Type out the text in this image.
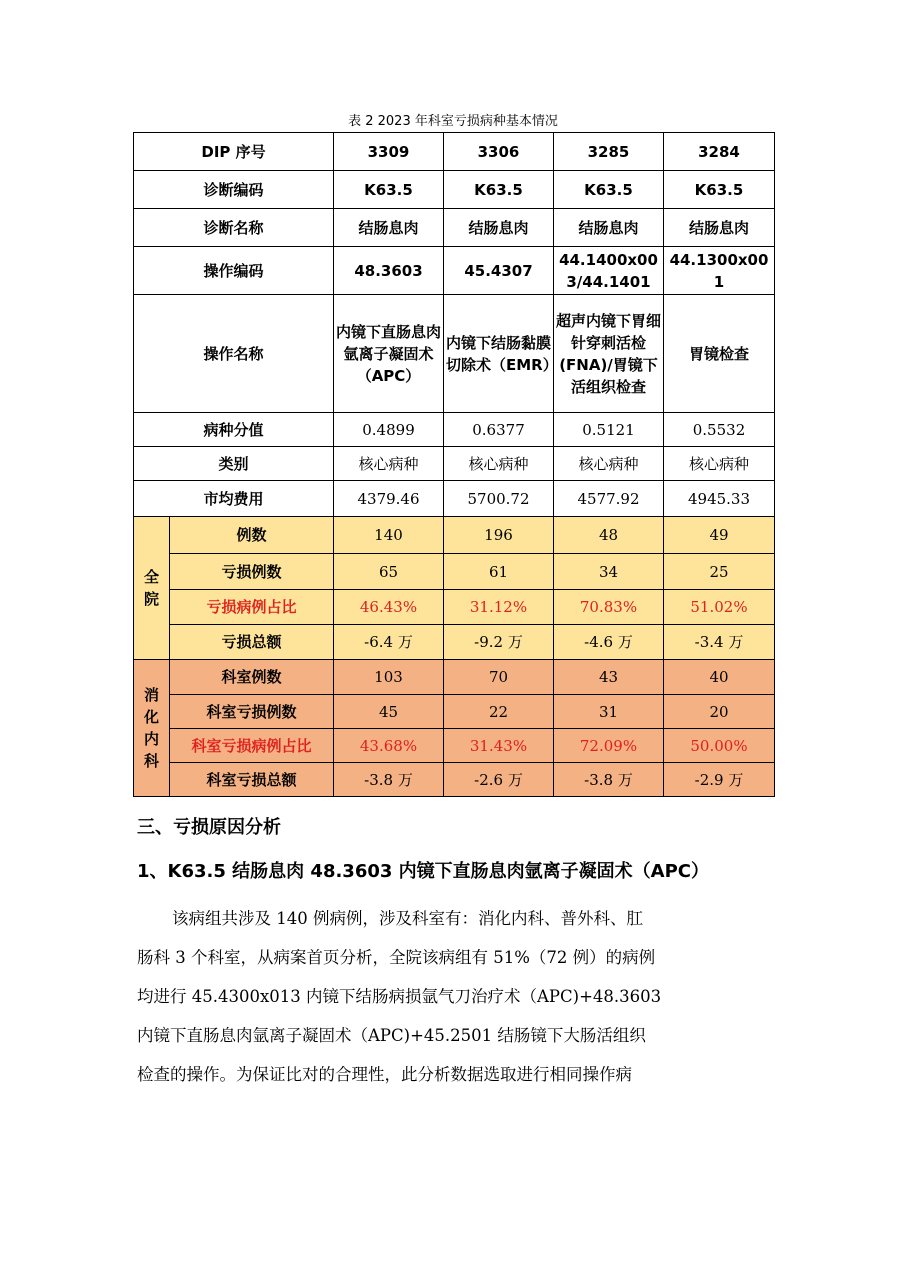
表 2 2023 年科室亏损病种基本情况
DIP 序号		3309	3306	3285	3284
诊断编码		K63.5	K63.5	K63.5	K63.5
诊断名称		结肠息肉	结肠息肉	结肠息肉	结肠息肉
操作编码		48.3603	45.4307	44.1400x003/44.1401	44.1300x001
操作名称		内镜下直肠息肉氩离子凝固术（APC）	内镜下结肠黏膜切除术（EMR）	超声内镜下胃细针穿刺活检(FNA)/胃镜下活组织检查	胃镜检查
病种分值		0.4899	0.6377	0.5121	0.5532
类别		核心病种	核心病种	核心病种	核心病种
市均费用		4379.46	5700.72	4577.92	4945.33
全
院	例数	140	196	48	49
	亏损例数	65	61	34	25
	亏损病例占比	46.43%	31.12%	70.83%	51.02%
	亏损总额	-6.4 万	-9.2 万	-4.6 万	-3.4 万
消
化
内
科	科室例数	103	70	43	40
	科室亏损例数	45	22	31	20
	科室亏损病例占比	43.68%	31.43%	72.09%	50.00%
	科室亏损总额	-3.8 万	-2.6 万	-3.8 万	-2.9 万
三、亏损原因分析
1、K63.5 结肠息肉 48.3603 内镜下直肠息肉氩离子凝固术（APC）
该病组共涉及 140 例病例，涉及科室有：消化内科、普外科、肛
肠科 3 个科室，从病案首页分析，全院该病组有 51%（72 例）的病例
均进行 45.4300x013 内镜下结肠病损氩气刀治疗术（APC)+48.3603
内镜下直肠息肉氩离子凝固术（APC)+45.2501 结肠镜下大肠活组织
检查的操作。为保证比对的合理性，此分析数据选取进行相同操作病
